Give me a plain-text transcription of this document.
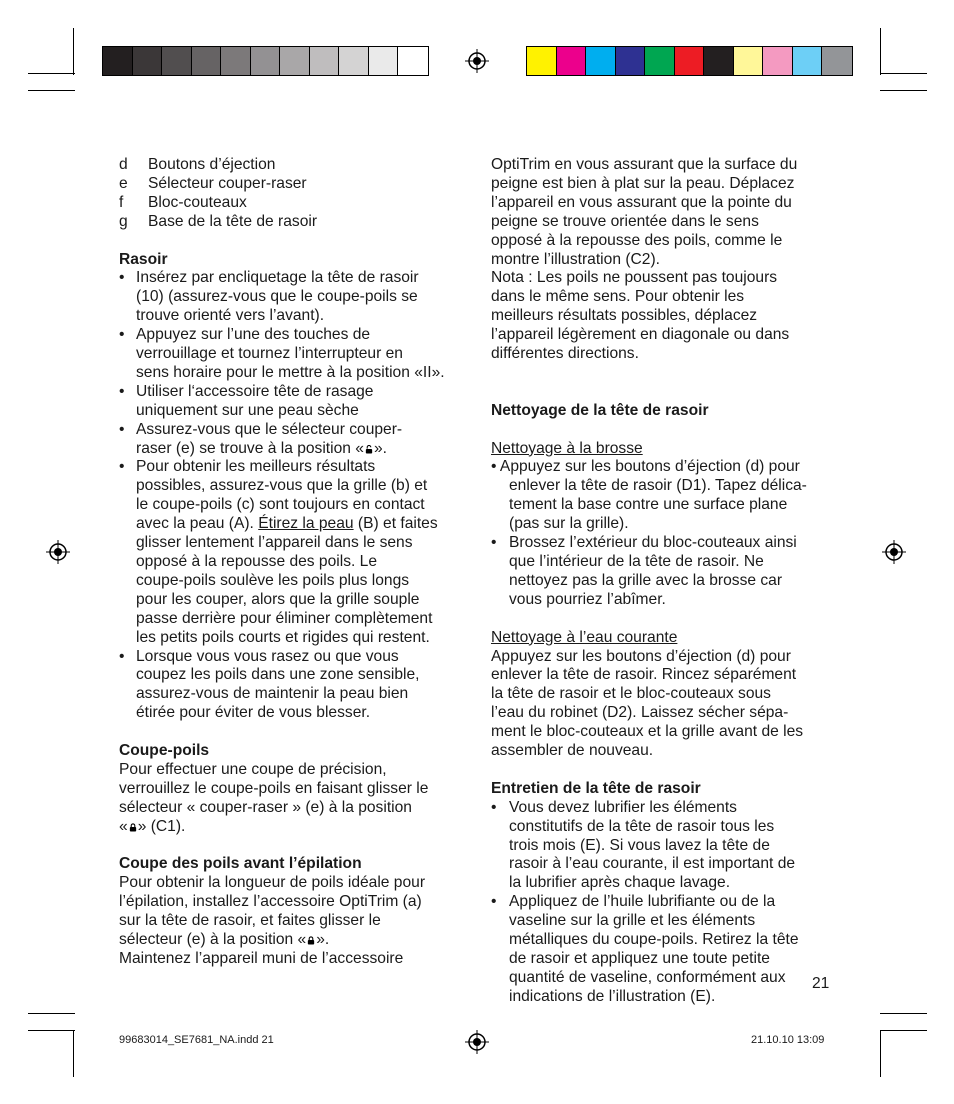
d	Boutons d’éjection
e	Sélecteur couper-raser
f	Bloc-couteaux
g	Base de la tête de rasoir

Rasoir

• Insérez par encliquetage la tête de rasoir
(10) (assurez-vous que le coupe-poils se
trouve orienté vers l’avant).
• Appuyez sur l’une des touches de
verrouillage et tournez l’interrupteur en
sens horaire pour le mettre à la position «II».
• Utiliser l‘accessoire tête de rasage
uniquement sur une peau sèche
• Assurez-vous que le sélecteur couper-
raser (e) se trouve à la position « ».
• Pour obtenir les meilleurs résultats
possibles, assurez-vous que la grille (b) et
le coupe-poils (c) sont toujours en contact
avec la peau (A). Étirez la peau (B) et faites
glisser lentement l’appareil dans le sens
opposé à la repousse des poils. Le
coupe-poils soulève les poils plus longs
pour les couper, alors que la grille souple
passe derrière pour éliminer complètement
les petits poils courts et rigides qui restent.
• Lorsque vous vous rasez ou que vous
coupez les poils dans une zone sensible,
assurez-vous de maintenir la peau bien
étirée pour éviter de vous blesser.

Coupe-poils

Pour effectuer une coupe de précision,

verrouillez le coupe-poils en faisant glisser le

sélecteur « couper-raser » (e) à la position

« » (C1).

Coupe des poils avant l’épilation

Pour obtenir la longueur de poils idéale pour

l’épilation, installez l’accessoire OptiTrim (a)

sur la tête de rasoir, et faites glisser le

sélecteur (e) à la position « ».

Maintenez l’appareil muni de l’accessoire

OptiTrim en vous assurant que la surface du

peigne est bien à plat sur la peau. Déplacez

l’appareil en vous assurant que la pointe du

peigne se trouve orientée dans le sens

opposé à la repousse des poils, comme le

montre l’illustration (C2).

Nota : Les poils ne poussent pas toujours

dans le même sens. Pour obtenir les

meilleurs résultats possibles, déplacez

l’appareil légèrement en diagonale ou dans

différentes directions.

Nettoyage de la tête de rasoir

Nettoyage à la brosse

• Appuyez sur les boutons d’éjection (d) pour
enlever la tête de rasoir (D1). Tapez délica-
tement la base contre une surface plane
(pas sur la grille).
• Brossez l’extérieur du bloc-couteaux ainsi
que l’intérieur de la tête de rasoir. Ne
nettoyez pas la grille avec la brosse car
vous pourriez l’abîmer.

Nettoyage à l’eau courante

Appuyez sur les boutons d’éjection (d) pour

enlever la tête de rasoir. Rincez séparément

la tête de rasoir et le bloc-couteaux sous

l’eau du robinet (D2). Laissez sécher sépa-

ment le bloc-couteaux et la grille avant de les

assembler de nouveau.

Entretien de la tête de rasoir

• Vous devez lubrifier les éléments
constitutifs de la tête de rasoir tous les
trois mois (E). Si vous lavez la tête de
rasoir à l’eau courante, il est important de
la lubrifier après chaque lavage.
• Appliquez de l’huile lubrifiante ou de la
vaseline sur la grille et les éléments
métalliques du coupe-poils. Retirez la tête
de rasoir et appliquez une toute petite
quantité de vaseline, conformément aux
indications de l’illustration (E).
21
99683014_SE7681_NA.indd 21	21.10.10 13:09
